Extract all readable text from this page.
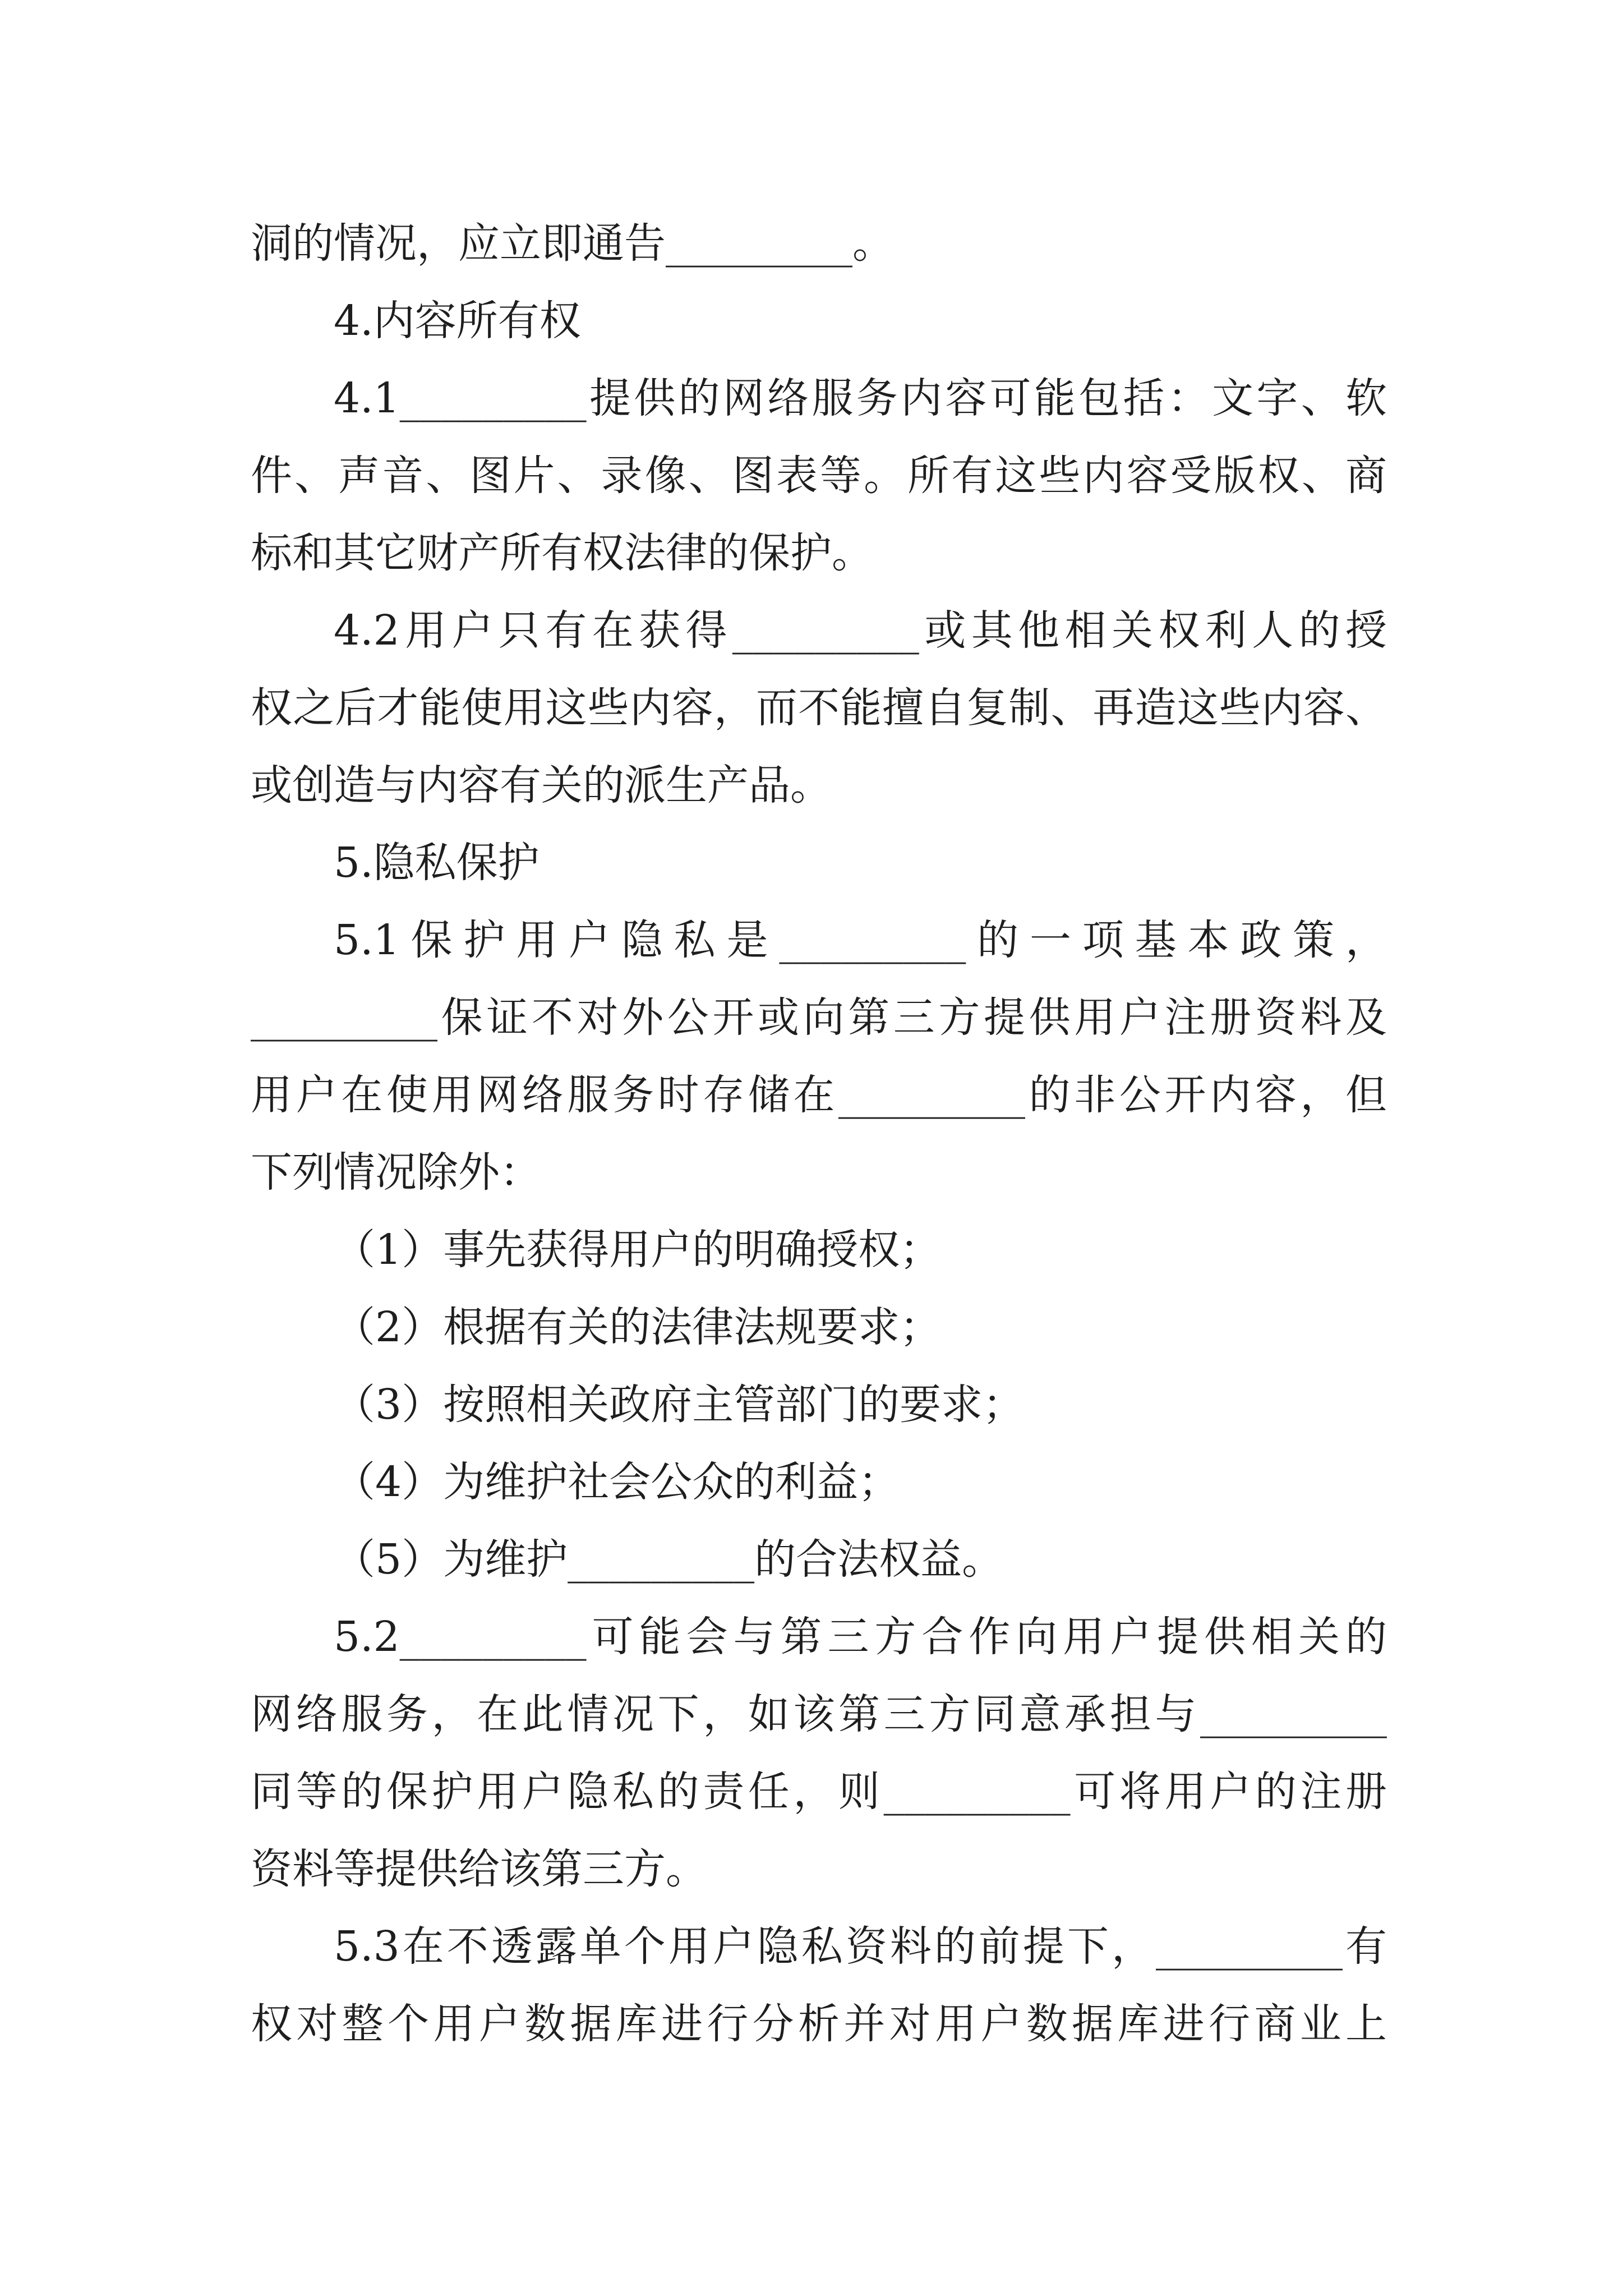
洞的情况，应立即通告_________。
4.内容所有权
4.1_________提供的网络服务内容可能包括：文字、软
件、声音、图片、录像、图表等。所有这些内容受版权、商
标和其它财产所有权法律的保护。
4.2用户只有在获得_________或其他相关权利人的授
权之后才能使用这些内容，而不能擅自复制、再造这些内容、
或创造与内容有关的派生产品。
5.隐私保护
5.1保护用户隐私是_________的一项基本政策，
_________保证不对外公开或向第三方提供用户注册资料及
用户在使用网络服务时存储在_________的非公开内容，但
下列情况除外：
（1）事先获得用户的明确授权；
（2）根据有关的法律法规要求；
（3）按照相关政府主管部门的要求；
（4）为维护社会公众的利益；
（5）为维护_________的合法权益。
5.2_________可能会与第三方合作向用户提供相关的
网络服务，在此情况下，如该第三方同意承担与_________
同等的保护用户隐私的责任，则_________可将用户的注册
资料等提供给该第三方。
5.3在不透露单个用户隐私资料的前提下，_________有
权对整个用户数据库进行分析并对用户数据库进行商业上
